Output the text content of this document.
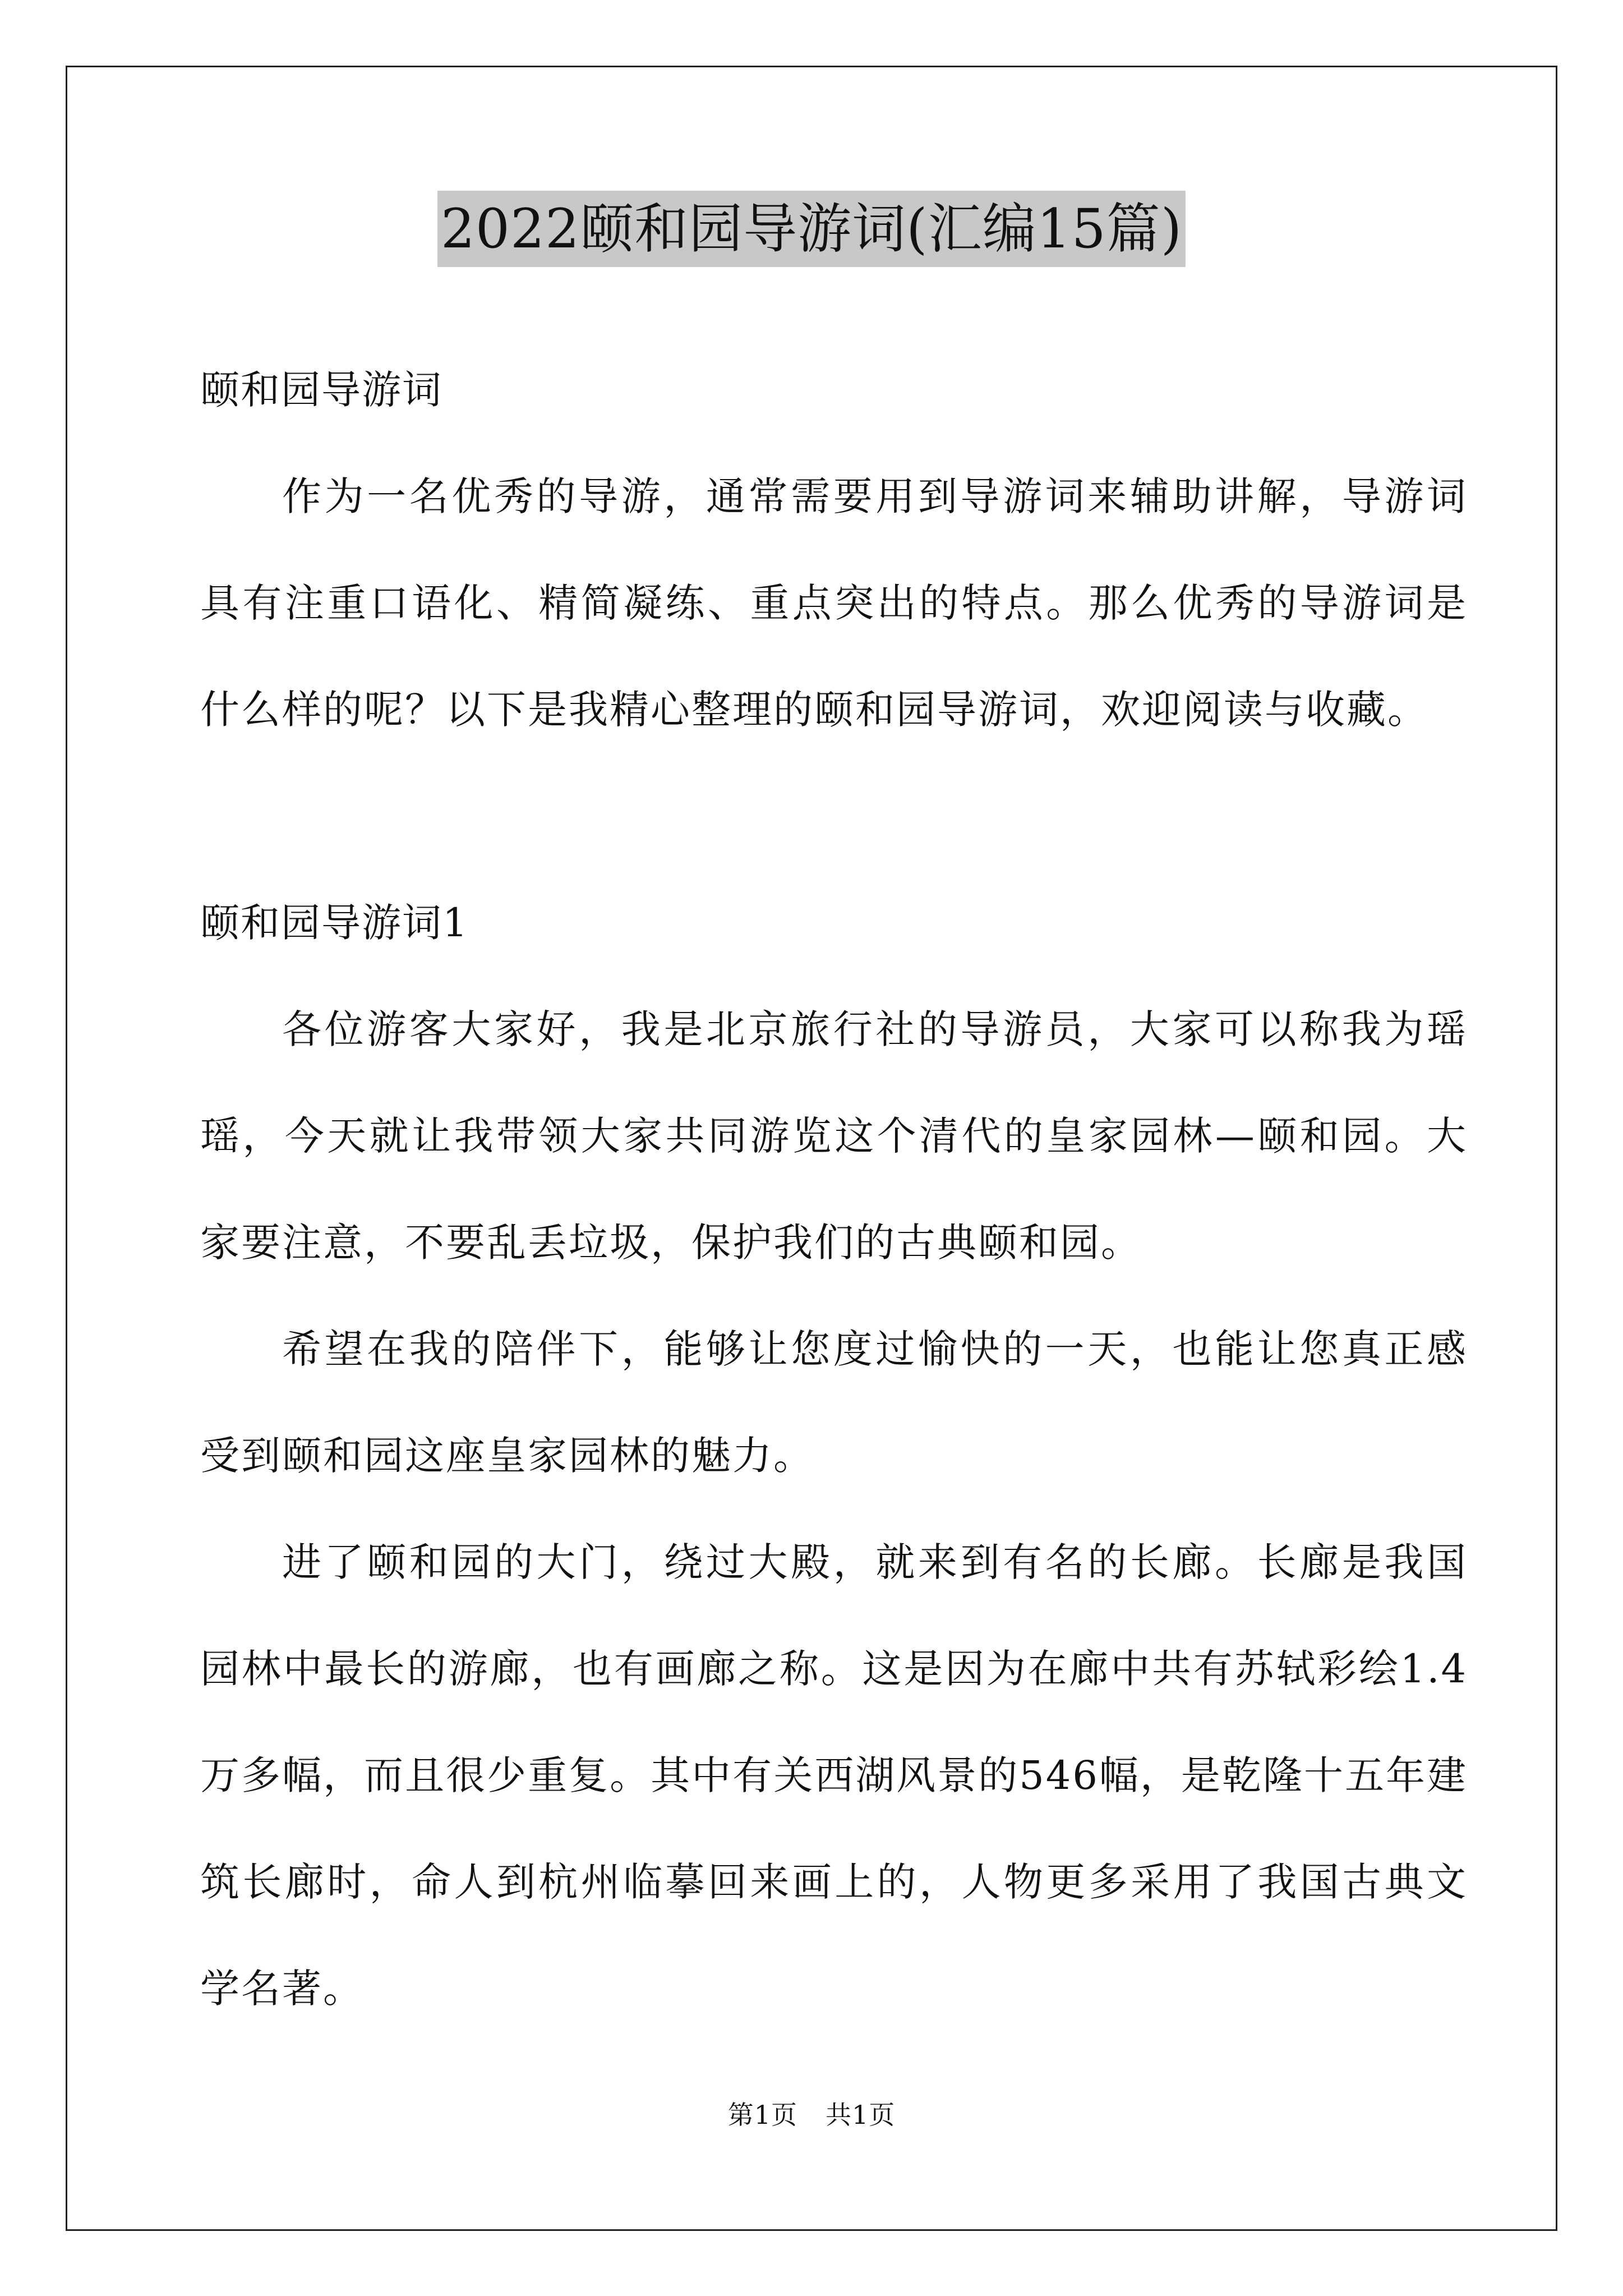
2022颐和园导游词(汇编15篇)

颐和园导游词

作为一名优秀的导游，通常需要用到导游词来辅助讲解，导游词具有注重口语化、精简凝练、重点突出的特点。那么优秀的导游词是什么样的呢？以下是我精心整理的颐和园导游词，欢迎阅读与收藏。

颐和园导游词1

各位游客大家好，我是北京旅行社的导游员，大家可以称我为瑶瑶，今天就让我带领大家共同游览这个清代的皇家园林—颐和园。大家要注意，不要乱丢垃圾，保护我们的古典颐和园。

希望在我的陪伴下，能够让您度过愉快的一天，也能让您真正感受到颐和园这座皇家园林的魅力。

进了颐和园的大门，绕过大殿，就来到有名的长廊。长廊是我国园林中最长的游廊，也有画廊之称。这是因为在廊中共有苏轼彩绘1.4万多幅，而且很少重复。其中有关西湖风景的546幅，是乾隆十五年建筑长廊时，命人到杭州临摹回来画上的，人物更多采用了我国古典文学名著。

第1页 共1页
